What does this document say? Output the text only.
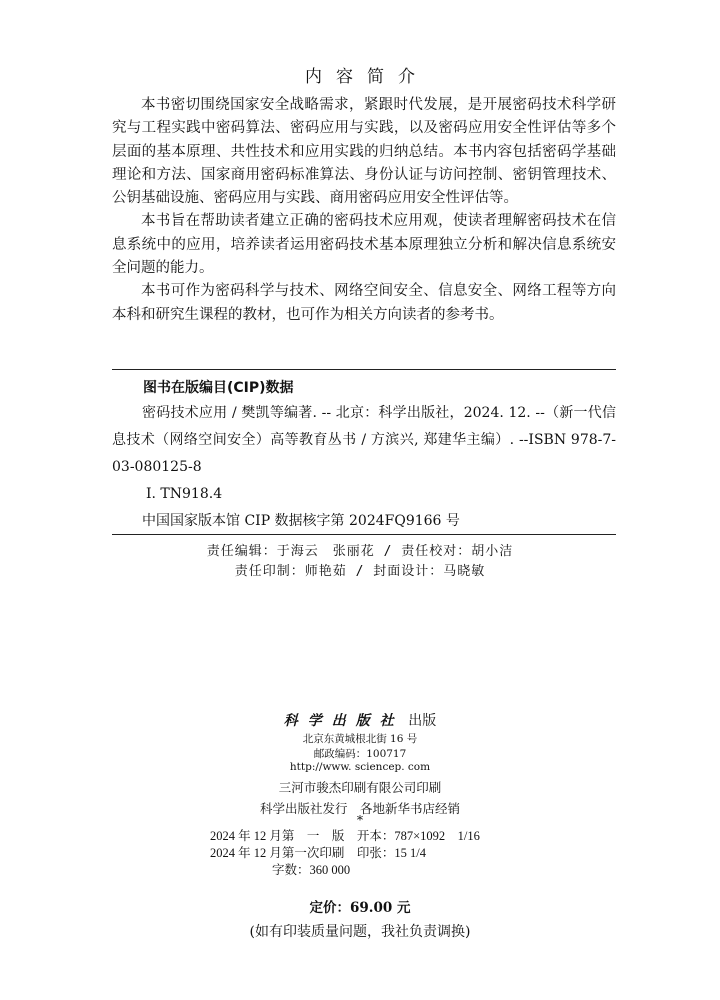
内容简介

本书密切围绕国家安全战略需求，紧跟时代发展，是开展密码技术科学研究与工程实践中密码算法、密码应用与实践，以及密码应用安全性评估等多个层面的基本原理、共性技术和应用实践的归纳总结。本书内容包括密码学基础理论和方法、国家商用密码标准算法、身份认证与访问控制、密钥管理技术、公钥基础设施、密码应用与实践、商用密码应用安全性评估等。

本书旨在帮助读者建立正确的密码技术应用观，使读者理解密码技术在信息系统中的应用，培养读者运用密码技术基本原理独立分析和解决信息系统安全问题的能力。

本书可作为密码科学与技术、网络空间安全、信息安全、网络工程等方向本科和研究生课程的教材，也可作为相关方向读者的参考书。

图书在版编目(CIP)数据

密码技术应用 / 樊凯等编著. -- 北京：科学出版社，2024. 12. --（新一代信息技术（网络空间安全）高等教育丛书 / 方滨兴, 郑建华主编）. --ISBN 978-7-03-080125-8

Ⅰ. TN918.4

中国国家版本馆 CIP 数据核字第 2024FQ9166 号

责任编辑：于海云　张丽花 / 责任校对：胡小洁
责任印制：师艳茹 / 封面设计：马晓敏
科学出版社 出版
北京东黄城根北街 16 号
邮政编码：100717
http://www. sciencep. com
三河市骏杰印刷有限公司印刷
科学出版社发行　各地新华书店经销
*
2024 年 12 月第　一　版　开本：787×1092　1/16
2024 年 12 月第一次印刷　印张：15 1/4
字数：360 000
定价：69.00 元
(如有印装质量问题，我社负责调换)
